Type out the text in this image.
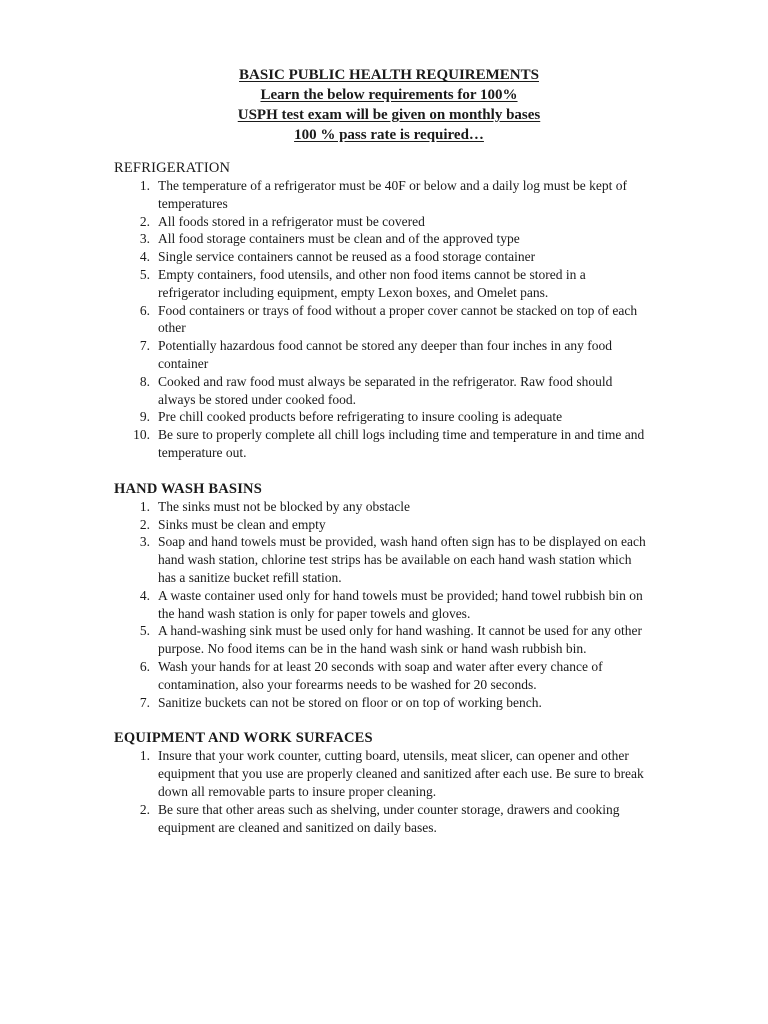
BASIC PUBLIC HEALTH REQUIREMENTS
Learn the below requirements for 100%
USPH test exam will be given on monthly bases
100 % pass rate is required…
REFRIGERATION
1. The temperature of a refrigerator must be 40F or below and a daily log must be kept of temperatures
2. All foods stored in a refrigerator must be covered
3. All food storage containers must be clean and of the approved type
4. Single service containers cannot be reused as a food storage container
5. Empty containers, food utensils, and other non food items cannot be stored in a refrigerator including equipment, empty Lexon boxes, and Omelet pans.
6. Food containers or trays of food without a proper cover cannot be stacked on top of each other
7. Potentially hazardous food cannot be stored any deeper than four inches in any food container
8. Cooked and raw food must always be separated in the refrigerator. Raw food should always be stored under cooked food.
9. Pre chill cooked products before refrigerating to insure cooling is adequate
10. Be sure to properly complete all chill logs including time and temperature in and time and temperature out.
HAND WASH BASINS
1. The sinks must not be blocked by any obstacle
2. Sinks must be clean and empty
3. Soap and hand towels must be provided, wash hand often sign has to be displayed on each hand wash station, chlorine test strips has be available on each hand wash station which has a sanitize bucket refill station.
4. A waste container used only for hand towels must be provided; hand towel rubbish bin on the hand wash station is only for paper towels and gloves.
5. A hand-washing sink must be used only for hand washing. It cannot be used for any other purpose. No food items can be in the hand wash sink or hand wash rubbish bin.
6. Wash your hands for at least 20 seconds with soap and water after every chance of contamination, also your forearms needs to be washed for 20 seconds.
7. Sanitize buckets can not be stored on floor or on top of working bench.
EQUIPMENT AND WORK SURFACES
1. Insure that your work counter, cutting board, utensils, meat slicer, can opener and other equipment that you use are properly cleaned and sanitized after each use. Be sure to break down all removable parts to insure proper cleaning.
2. Be sure that other areas such as shelving, under counter storage, drawers and cooking equipment are cleaned and sanitized on daily bases.
